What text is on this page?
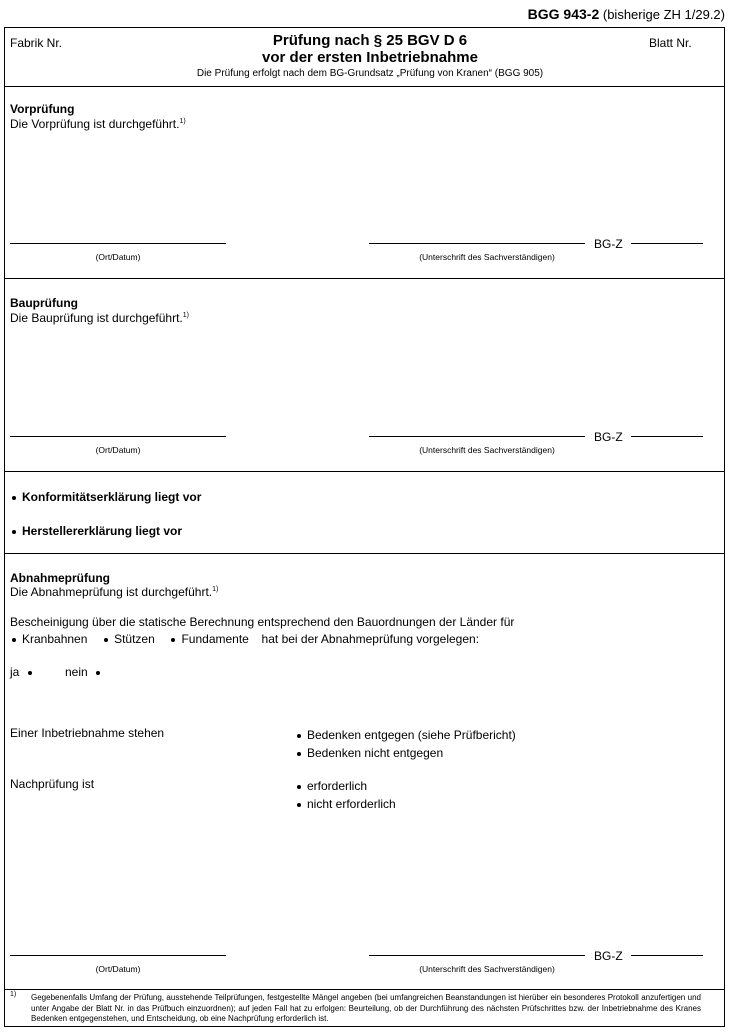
BGG 943-2 (bisherige ZH 1/29.2)
Fabrik Nr.	Blatt Nr.
Prüfung nach § 25 BGV D 6
vor der ersten Inbetriebnahme
Die Prüfung erfolgt nach dem BG-Grundsatz „Prüfung von Kranen“ (BGG 905)
Vorprüfung
Die Vorprüfung ist durchgeführt.$^{1)}$
(Ort/Datum)	(Unterschrift des Sachverständigen)
BG-Z
Bauprüfung
Die Bauprüfung ist durchgeführt.$^{1)}$
(Ort/Datum)	(Unterschrift des Sachverständigen)
BG-Z
Konformitätserklärung liegt vor
Herstellererklärung liegt vor
Abnahmeprüfung
Die Abnahmeprüfung ist durchgeführt.$^{1)}$
Bescheinigung über die statische Berechnung entsprechend den Bauordnungen der Länder für
Kranbahnen Stützen Fundamente hat bei der Abnahmeprüfung vorgelegen:
ja	nein
Einer Inbetriebnahme stehen	Bedenken entgegen (siehe Prüfbericht)
Bedenken nicht entgegen
Nachprüfung ist	erforderlich
nicht erforderlich
(Ort/Datum)	(Unterschrift des Sachverständigen)
BG-Z
1) Gegebenenfalls Umfang der Prüfung, ausstehende Teilprüfungen, festgestellte Mängel angeben (bei umfangreichen Beanstandungen ist hierüber ein besonderes Protokoll anzufertigen und unter Angabe der Blatt Nr. in das Prüfbuch einzuordnen); auf jeden Fall hat zu erfolgen: Beurteilung, ob der Durchführung des nächsten Prüfschrittes bzw. der Inbetriebnahme des Kranes Bedenken entgegenstehen, und Entscheidung, ob eine Nachprüfung erforderlich ist.
